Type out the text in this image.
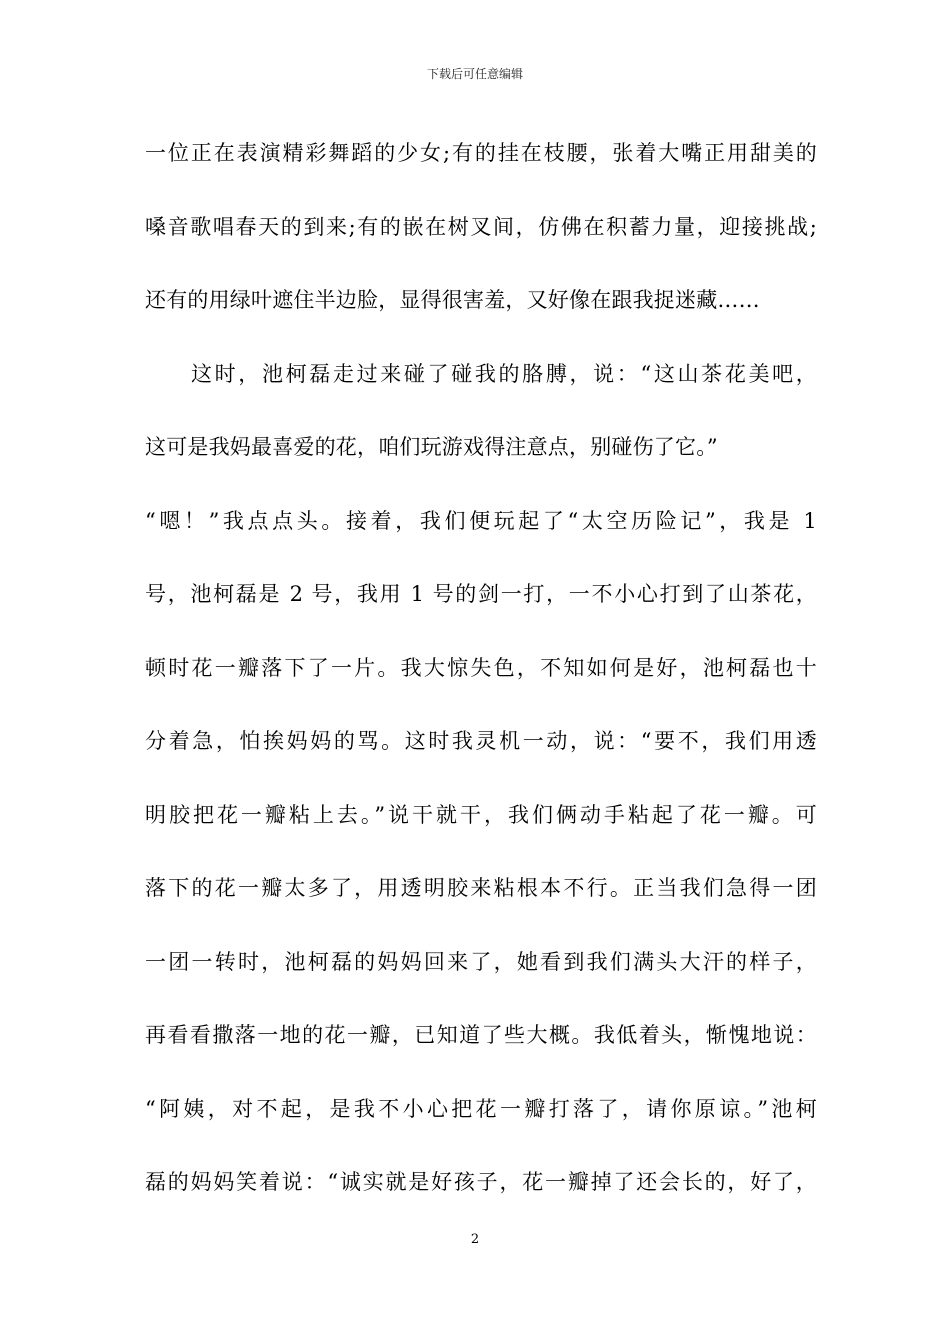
下载后可任意编辑
一位正在表演精彩舞蹈的少女;有的挂在枝腰，张着大嘴正用甜美的
嗓音歌唱春天的到来;有的嵌在树叉间，仿佛在积蓄力量，迎接挑战;
还有的用绿叶遮住半边脸，显得很害羞，又好像在跟我捉迷藏……
这时，池柯磊走过来碰了碰我的胳膊，说：“这山茶花美吧，
这可是我妈最喜爱的花，咱们玩游戏得注意点，别碰伤了它。”
“嗯！”我点点头。接着，我们便玩起了“太空历险记”，我是 1
号，池柯磊是 2 号，我用 1 号的剑一打，一不小心打到了山茶花，
顿时花一瓣落下了一片。我大惊失色，不知如何是好，池柯磊也十
分着急，怕挨妈妈的骂。这时我灵机一动，说：“要不，我们用透
明胶把花一瓣粘上去。”说干就干，我们俩动手粘起了花一瓣。可
落下的花一瓣太多了，用透明胶来粘根本不行。正当我们急得一团
一团一转时，池柯磊的妈妈回来了，她看到我们满头大汗的样子，
再看看撒落一地的花一瓣，已知道了些大概。我低着头，惭愧地说：
“阿姨，对不起，是我不小心把花一瓣打落了，请你原谅。”池柯
磊的妈妈笑着说：“诚实就是好孩子，花一瓣掉了还会长的，好了，
2
